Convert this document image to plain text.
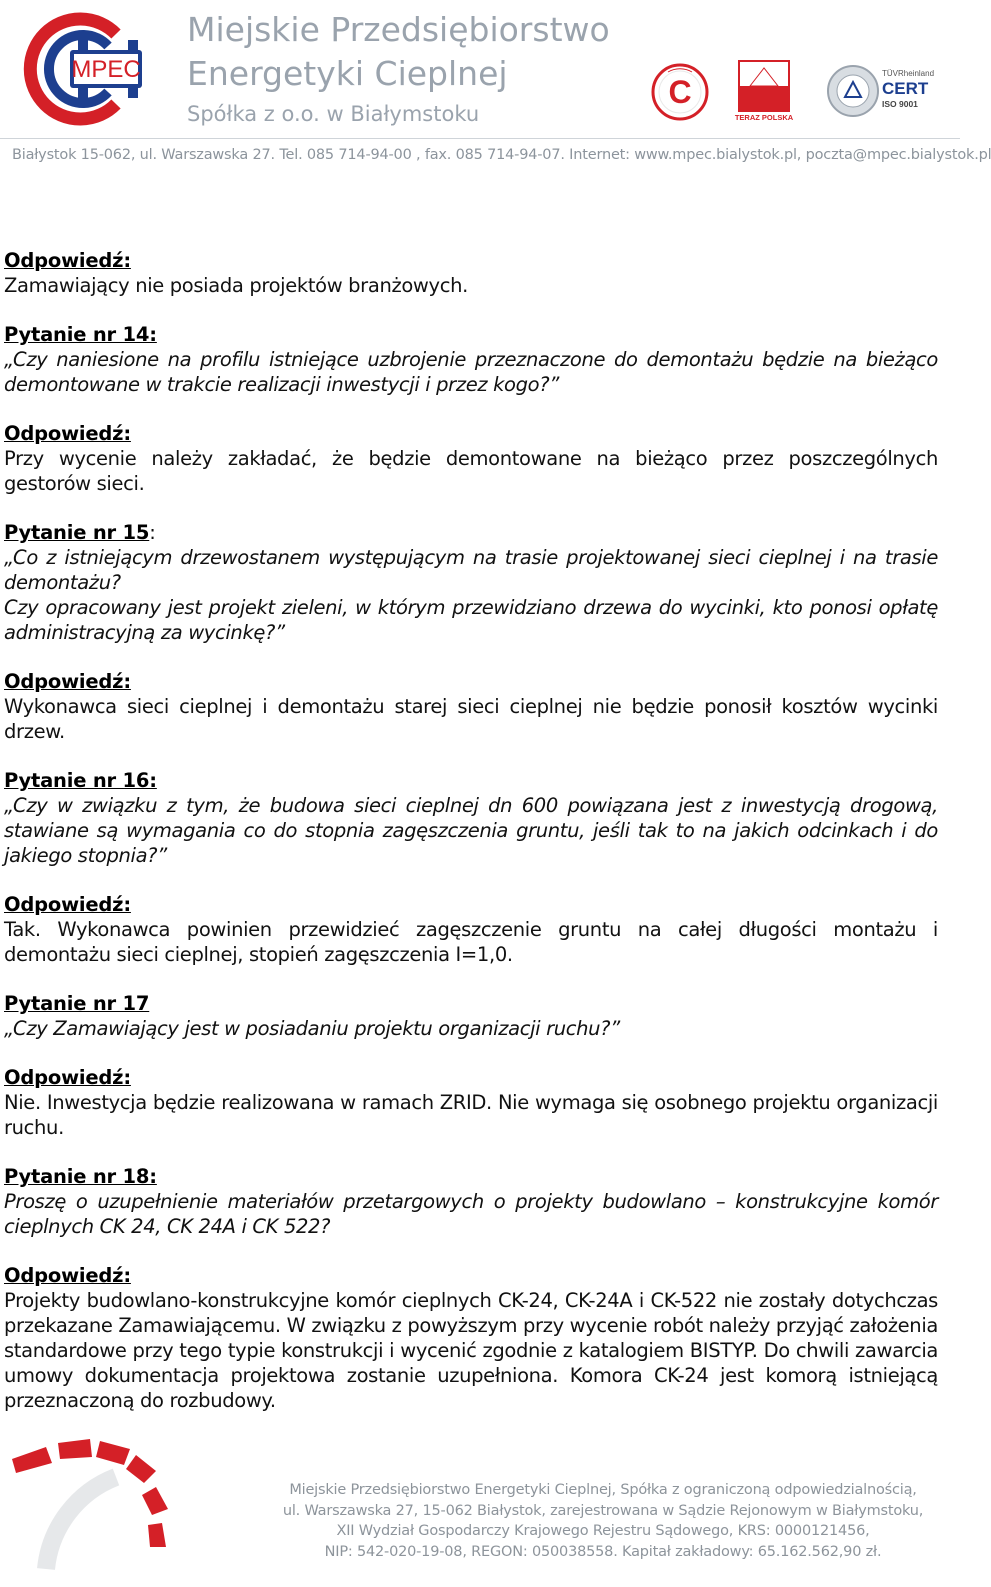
MPEC
Miejskie Przedsiębiorstwo
Energetyki Cieplnej
Spółka z o.o. w Białymstoku
C
TERAZ POLSKA
TÜVRheinland
CERT
ISO 9001
Białystok 15-062, ul. Warszawska 27. Tel. 085 714-94-00 , fax. 085 714-94-07. Internet: www.mpec.bialystok.pl, poczta@mpec.bialystok.pl
Odpowiedź:
Zamawiający nie posiada projektów branżowych.
Pytanie nr 14:
„Czy naniesione na profilu istniejące uzbrojenie przeznaczone do demontażu będzie na bieżąco demontowane w trakcie realizacji inwestycji i przez kogo?”
Odpowiedź:
Przy wycenie należy zakładać, że będzie demontowane na bieżąco przez poszczególnych gestorów sieci.
Pytanie nr 15:
„Co z istniejącym drzewostanem występującym na trasie projektowanej sieci cieplnej i na trasie demontażu?
Czy opracowany jest projekt zieleni, w którym przewidziano drzewa do wycinki, kto ponosi opłatę administracyjną za wycinkę?”
Odpowiedź:
Wykonawca sieci cieplnej i demontażu starej sieci cieplnej nie będzie ponosił kosztów wycinki drzew.
Pytanie nr 16:
„Czy w związku z tym, że budowa sieci cieplnej dn 600 powiązana jest z inwestycją drogową, stawiane są wymagania co do stopnia zagęszczenia gruntu, jeśli tak to na jakich odcinkach i do jakiego stopnia?”
Odpowiedź:
Tak. Wykonawca powinien przewidzieć zagęszczenie gruntu na całej długości montażu i demontażu sieci cieplnej, stopień zagęszczenia I=1,0.
Pytanie nr 17
„Czy Zamawiający jest w posiadaniu projektu organizacji ruchu?”
Odpowiedź:
Nie. Inwestycja będzie realizowana w ramach ZRID. Nie wymaga się osobnego projektu organizacji ruchu.
Pytanie nr 18:
Proszę o uzupełnienie materiałów przetargowych o projekty budowlano – konstrukcyjne komór cieplnych CK 24, CK 24A i CK 522?
Odpowiedź:
Projekty budowlano-konstrukcyjne komór cieplnych CK-24, CK-24A i CK-522 nie zostały dotychczas przekazane Zamawiającemu. W związku z powyższym przy wycenie robót należy przyjąć założenia standardowe przy tego typie konstrukcji i wycenić zgodnie z katalogiem BISTYP. Do chwili zawarcia umowy dokumentacja projektowa zostanie uzupełniona. Komora CK-24 jest komorą istniejącą przeznaczoną do rozbudowy.
Miejskie Przedsiębiorstwo Energetyki Cieplnej, Spółka z ograniczoną odpowiedzialnością,
ul. Warszawska 27, 15-062 Białystok, zarejestrowana w Sądzie Rejonowym w Białymstoku,
XII Wydział Gospodarczy Krajowego Rejestru Sądowego, KRS: 0000121456,
NIP: 542-020-19-08, REGON: 050038558. Kapitał zakładowy: 65.162.562,90 zł.
